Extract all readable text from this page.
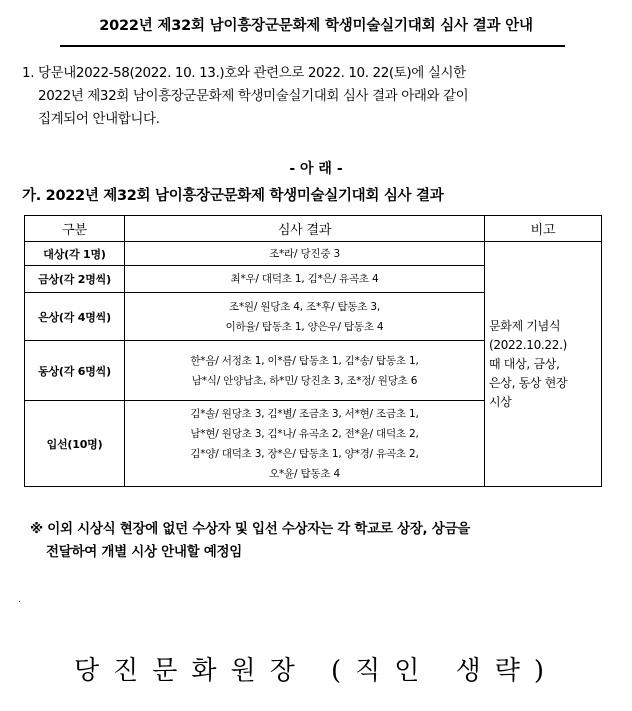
2022년 제32회 남이흥장군문화제 학생미술실기대회 심사 결과 안내
1. 당문내2022-58(2022. 10. 13.)호와 관련으로 2022. 10. 22(토)에 실시한
2022년 제32회 남이흥장군문화제 학생미술실기대회 심사 결과 아래와 같이
집계되어 안내합니다.
- 아 래 -
가. 2022년 제32회 남이흥장군문화제 학생미술실기대회 심사 결과
구분	심사 결과	비고
대상(각 1명)	조*라/ 당진중 3	문화제 기념식
(2022.10.22.)
때 대상, 금상,
은상, 동상 현장
시상

금상(각 2명씩)	최*우/ 대덕초 1, 김*은/ 유곡초 4	

은상(각 4명씩)	조*원/ 원당초 4, 조*후/ 탑동초 3,
이하율/ 탑동초 1, 양은우/ 탑동초 4	

동상(각 6명씩)	한*음/ 서정초 1, 이*름/ 탑동초 1, 김*송/ 탑동초 1,
남*식/ 안양남초, 하*민/ 당진초 3, 조*정/ 원당초 6	

입선(10명)	김*솔/ 원당초 3, 김*별/ 조금초 3, 서*현/ 조금초 1,
남*현/ 원당초 3, 김*나/ 유곡초 2, 전*윤/ 대덕초 2,
김*양/ 대덕초 3, 장*은/ 탑동초 1, 양*경/ 유곡초 2,
오*윤/ 탑동초 4	
※ 이외 시상식 현장에 없던 수상자 및 입선 수상자는 각 학교로 상장, 상금을
전달하여 개별 시상 안내할 예정임
.
당진문화원장 (직인 생략)
